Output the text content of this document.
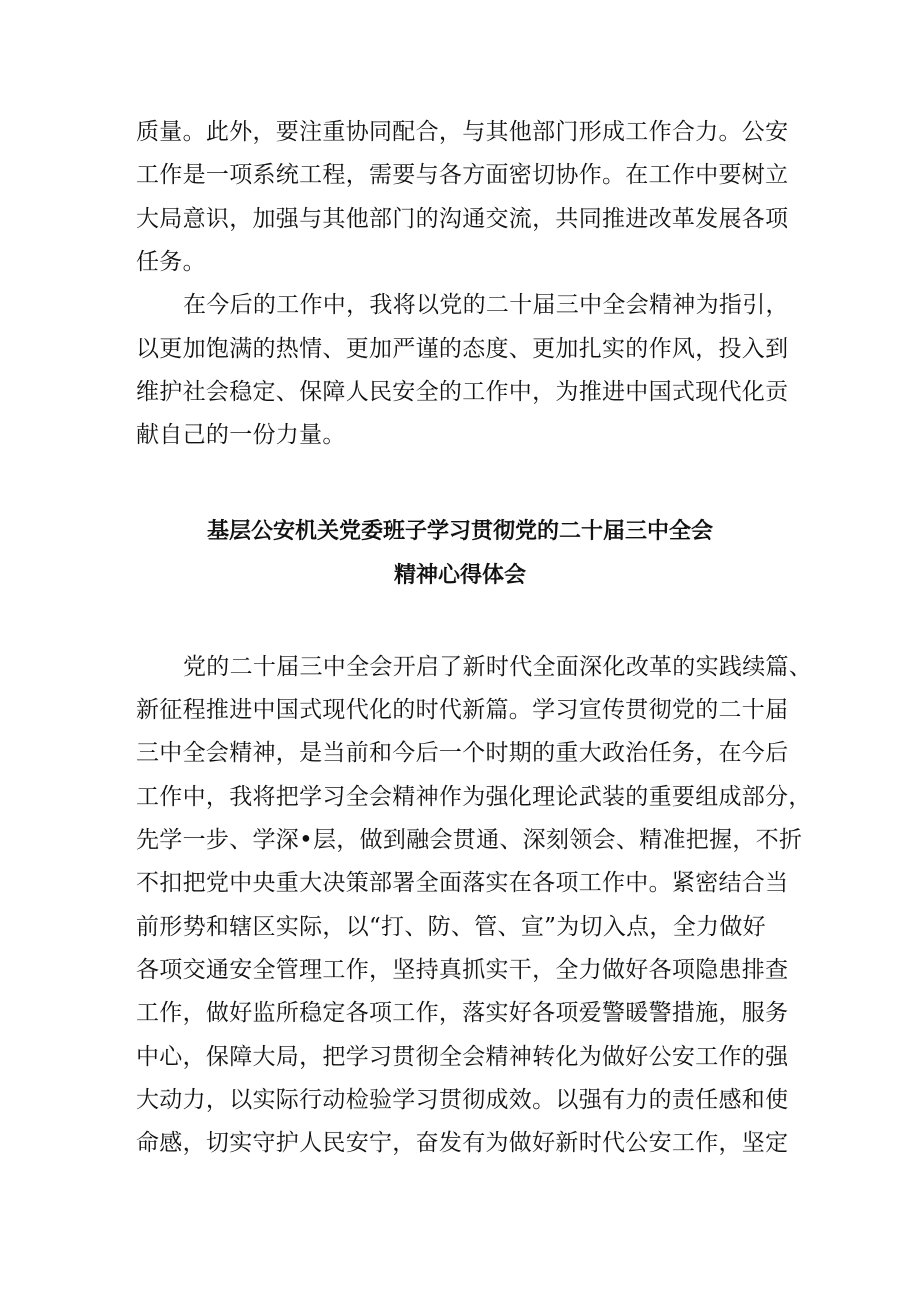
质量。此外，要注重协同配合，与其他部门形成工作合力。公安
工作是一项系统工程，需要与各方面密切协作。在工作中要树立
大局意识，加强与其他部门的沟通交流，共同推进改革发展各项
任务。
在今后的工作中，我将以党的二十届三中全会精神为指引，
以更加饱满的热情、更加严谨的态度、更加扎实的作风，投入到
维护社会稳定、保障人民安全的工作中，为推进中国式现代化贡
献自己的一份力量。
基层公安机关党委班子学习贯彻党的二十届三中全会
精神心得体会
党的二十届三中全会开启了新时代全面深化改革的实践续篇、
新征程推进中国式现代化的时代新篇。学习宣传贯彻党的二十届
三中全会精神，是当前和今后一个时期的重大政治任务，在今后
工作中，我将把学习全会精神作为强化理论武装的重要组成部分，
先学一步、学深•层，做到融会贯通、深刻领会、精准把握，不折
不扣把党中央重大决策部署全面落实在各项工作中。紧密结合当
前形势和辖区实际，以“打、防、管、宣”为切入点，全力做好
各项交通安全管理工作，坚持真抓实干，全力做好各项隐患排查
工作，做好监所稳定各项工作，落实好各项爱警暖警措施，服务
中心，保障大局，把学习贯彻全会精神转化为做好公安工作的强
大动力，以实际行动检验学习贯彻成效。以强有力的责任感和使
命感，切实守护人民安宁，奋发有为做好新时代公安工作，坚定
